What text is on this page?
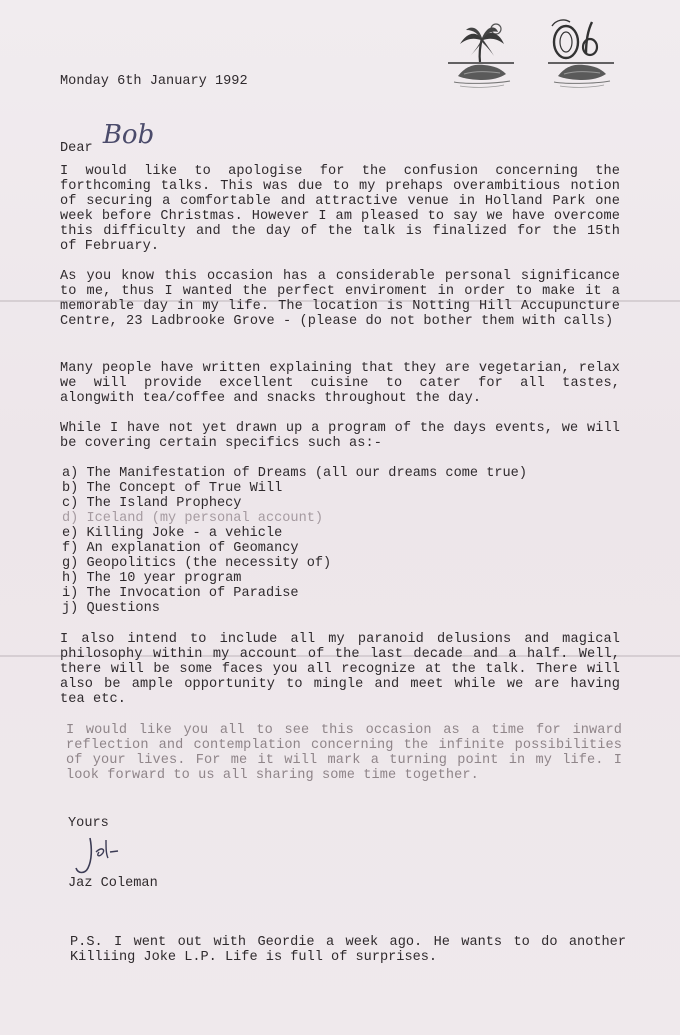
Monday 6th January 1992
Dear Bob

I would like to apologise for the confusion concerning the forthcoming talks. This was due to my prehaps overambitious notion of securing a comfortable and attractive venue in Holland Park one week before Christmas. However I am pleased to say we have overcome this difficulty and the day of the talk is finalized for the 15th of February.

As you know this occasion has a considerable personal significance to me, thus I wanted the perfect enviroment in order to make it a memorable day in my life. The location is Notting Hill Accupuncture Centre, 23 Ladbrooke Grove - (please do not bother them with calls)

Many people have written explaining that they are vegetarian, relax we will provide excellent cuisine to cater for all tastes, alongwith tea/coffee and snacks throughout the day.

While I have not yet drawn up a program of the days events, we will be covering certain specifics such as:-

a) The Manifestation of Dreams (all our dreams come true)
b) The Concept of True Will
c) The Island Prophecy
d) Iceland (my personal account)
e) Killing Joke - a vehicle
f) An explanation of Geomancy
g) Geopolitics (the necessity of)
h) The 10 year program
i) The Invocation of Paradise
j) Questions

I also intend to include all my paranoid delusions and magical philosophy within my account of the last decade and a half. Well, there will be some faces you all recognize at the talk. There will also be ample opportunity to mingle and meet while we are having tea etc.

I would like you all to see this occasion as a time for inward reflection and contemplation concerning the infinite possibilities of your lives. For me it will mark a turning point in my life. I look forward to us all sharing some time together.

Yours
Jaz Coleman
P.S. I went out with Geordie a week ago. He wants to do another Killiing Joke L.P. Life is full of surprises.
